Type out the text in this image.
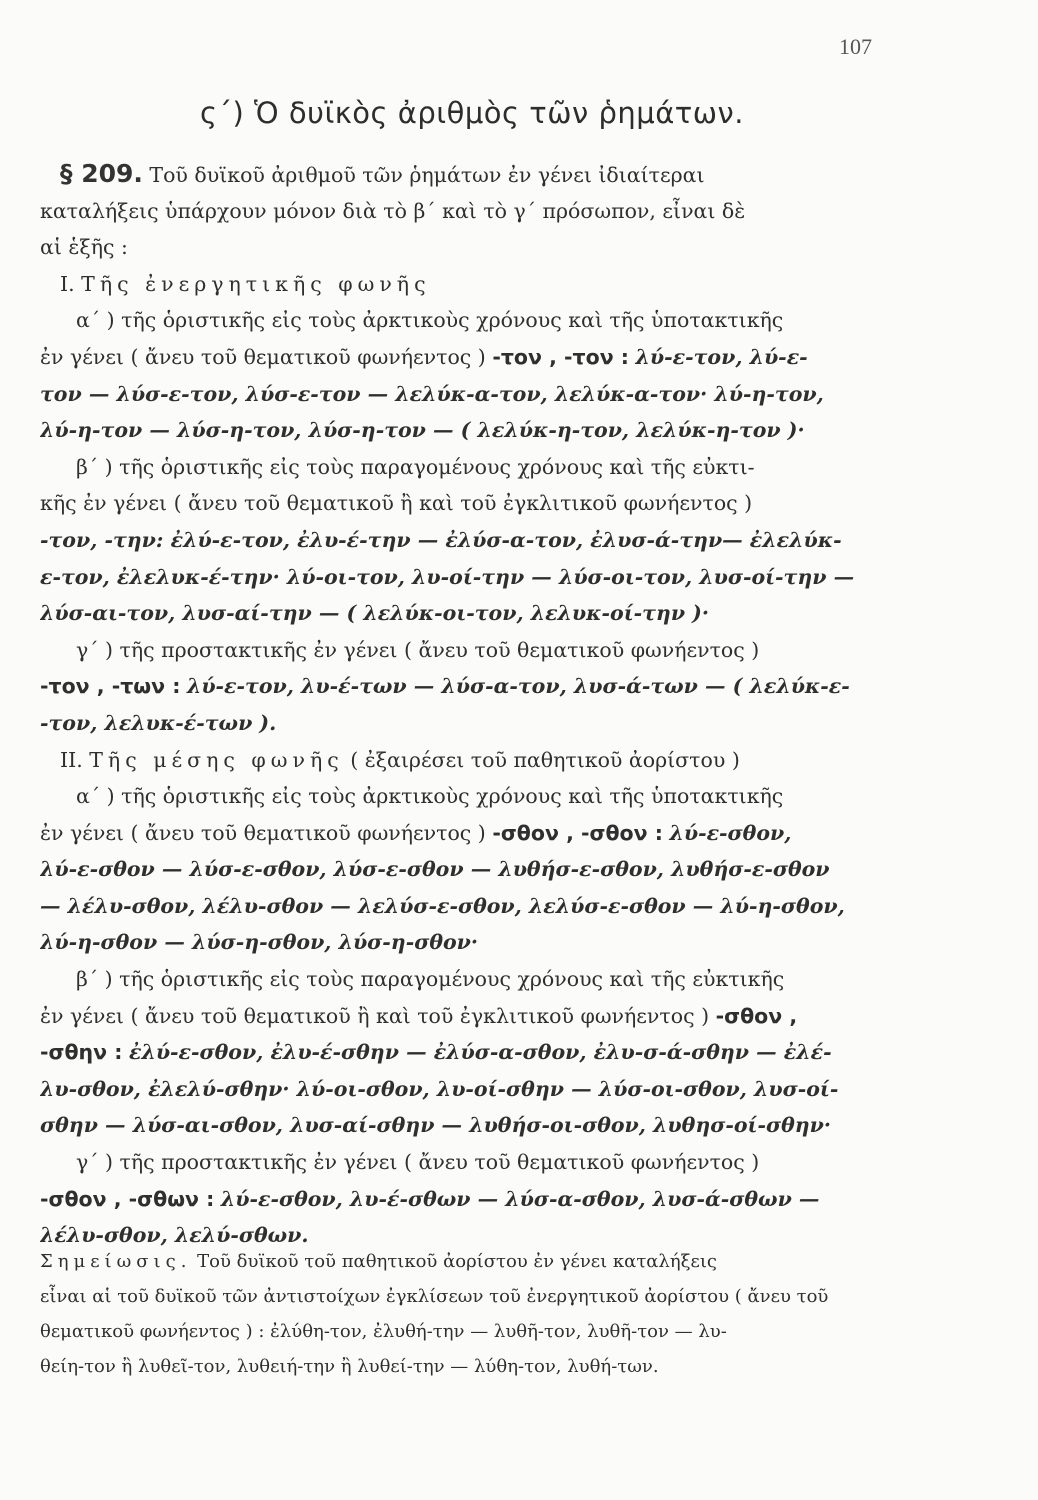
107
ς΄) Ὁ δυϊκὸς ἀριθμὸς τῶν ῥημάτων.
§ 209. Τοῦ δυϊκοῦ ἀριθμοῦ τῶν ῥημάτων ἐν γένει ἰδιαίτεραι
καταλήξεις ὑπάρχουν μόνον διὰ τὸ β΄ καὶ τὸ γ΄ πρόσωπον, εἶναι δὲ
αἱ ἑξῆς :
I. Τῆς ἐνεργητικῆς φωνῆς
α΄ ) τῆς ὁριστικῆς εἰς τοὺς ἀρκτικοὺς χρόνους καὶ τῆς ὑποτακτικῆς
ἐν γένει ( ἄνευ τοῦ θεματικοῦ φωνήεντος ) -τον , -τον : λύ-ε-τον, λύ-ε-
τον — λύσ-ε-τον, λύσ-ε-τον — λελύκ-α-τον, λελύκ-α-τον· λύ-η-τον,
λύ-η-τον — λύσ-η-τον, λύσ-η-τον — ( λελύκ-η-τον, λελύκ-η-τον )·
β΄ ) τῆς ὁριστικῆς εἰς τοὺς παραγομένους χρόνους καὶ τῆς εὐκτι-
κῆς ἐν γένει ( ἄνευ τοῦ θεματικοῦ ἢ καὶ τοῦ ἐγκλιτικοῦ φωνήεντος )
-τον, -την: ἐλύ-ε-τον, ἐλυ-έ-την — ἐλύσ-α-τον, ἐλυσ-ά-την— ἐλελύκ-
ε-τον, ἐλελυκ-έ-την· λύ-οι-τον, λυ-οί-την — λύσ-οι-τον, λυσ-οί-την —
λύσ-αι-τον, λυσ-αί-την — ( λελύκ-οι-τον, λελυκ-οί-την )·
γ΄ ) τῆς προστακτικῆς ἐν γένει ( ἄνευ τοῦ θεματικοῦ φωνήεντος )
-τον , -των : λύ-ε-τον, λυ-έ-των — λύσ-α-τον, λυσ-ά-των — ( λελύκ-ε-
-τον, λελυκ-έ-των ).
II. Τῆς μέσης φωνῆς ( ἐξαιρέσει τοῦ παθητικοῦ ἀορίστου )
α΄ ) τῆς ὁριστικῆς εἰς τοὺς ἀρκτικοὺς χρόνους καὶ τῆς ὑποτακτικῆς
ἐν γένει ( ἄνευ τοῦ θεματικοῦ φωνήεντος ) -σθον , -σθον : λύ-ε-σθον,
λύ-ε-σθον — λύσ-ε-σθον, λύσ-ε-σθον — λυθήσ-ε-σθον, λυθήσ-ε-σθον
— λέλυ-σθον, λέλυ-σθον — λελύσ-ε-σθον, λελύσ-ε-σθον — λύ-η-σθον,
λύ-η-σθον — λύσ-η-σθον, λύσ-η-σθον·
β΄ ) τῆς ὁριστικῆς εἰς τοὺς παραγομένους χρόνους καὶ τῆς εὐκτικῆς
ἐν γένει ( ἄνευ τοῦ θεματικοῦ ἢ καὶ τοῦ ἐγκλιτικοῦ φωνήεντος ) -σθον ,
-σθην : ἐλύ-ε-σθον, ἐλυ-έ-σθην — ἐλύσ-α-σθον, ἐλυ-σ-ά-σθην — ἐλέ-
λυ-σθον, ἐλελύ-σθην· λύ-οι-σθον, λυ-οί-σθην — λύσ-οι-σθον, λυσ-οί-
σθην — λύσ-αι-σθον, λυσ-αί-σθην — λυθήσ-οι-σθον, λυθησ-οί-σθην·
γ΄ ) τῆς προστακτικῆς ἐν γένει ( ἄνευ τοῦ θεματικοῦ φωνήεντος )
-σθον , -σθων : λύ-ε-σθον, λυ-έ-σθων — λύσ-α-σθον, λυσ-ά-σθων —
λέλυ-σθον, λελύ-σθων.
Σημείωσις. Τοῦ δυϊκοῦ τοῦ παθητικοῦ ἀορίστου ἐν γένει καταλήξεις
εἶναι αἱ τοῦ δυϊκοῦ τῶν ἀντιστοίχων ἐγκλίσεων τοῦ ἐνεργητικοῦ ἀορίστου ( ἄνευ τοῦ
θεματικοῦ φωνήεντος ) : ἐλύθη-τον, ἐλυθή-την — λυθῆ-τον, λυθῆ-τον — λυ-
θείη-τον ἢ λυθεῖ-τον, λυθειή-την ἢ λυθεί-την — λύθη-τον, λυθή-των.
